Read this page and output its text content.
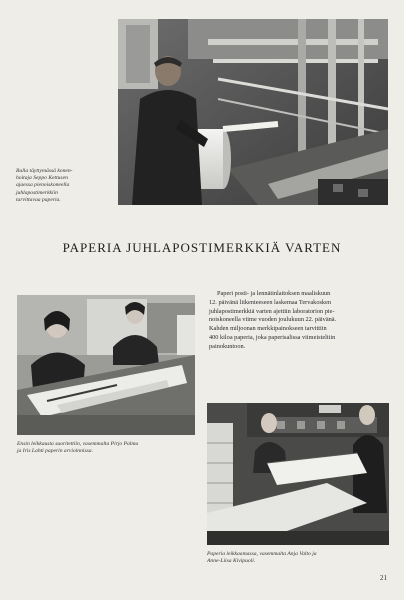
Rulla täyttymässä konen-
hoitaja Seppo Kettusen
ajaessa pienoiskoneella
juhlapostimerkkiin
tarvittavaa paperia.
PAPERIA JUHLAPOSTIMERKKIÄ VARTEN
Ensin leikkausta suoritettiin, vasemmalta Pirjo Palmu
ja Iris Lahti paperin arvioinnissa.
Paperi posti- ja lennätinlaitoksen maaliskuun
12. päivänä liikenteeseen laskemaa Tervakosken
juhlapostimerkkiä varten ajettiin laboratorion pie-
noiskoneella viime vuoden joulukuun 22. päivänä.
Kahden miljoonan merkkipainokseen tarvittiin
400 kiloa paperia, joka paperisalissa viimeisteltiin
painokuntoon.
Paperia leikkaamassa, vasemmalta Anja Valto ja
Anne-Liisa Kivipuoli.
21
